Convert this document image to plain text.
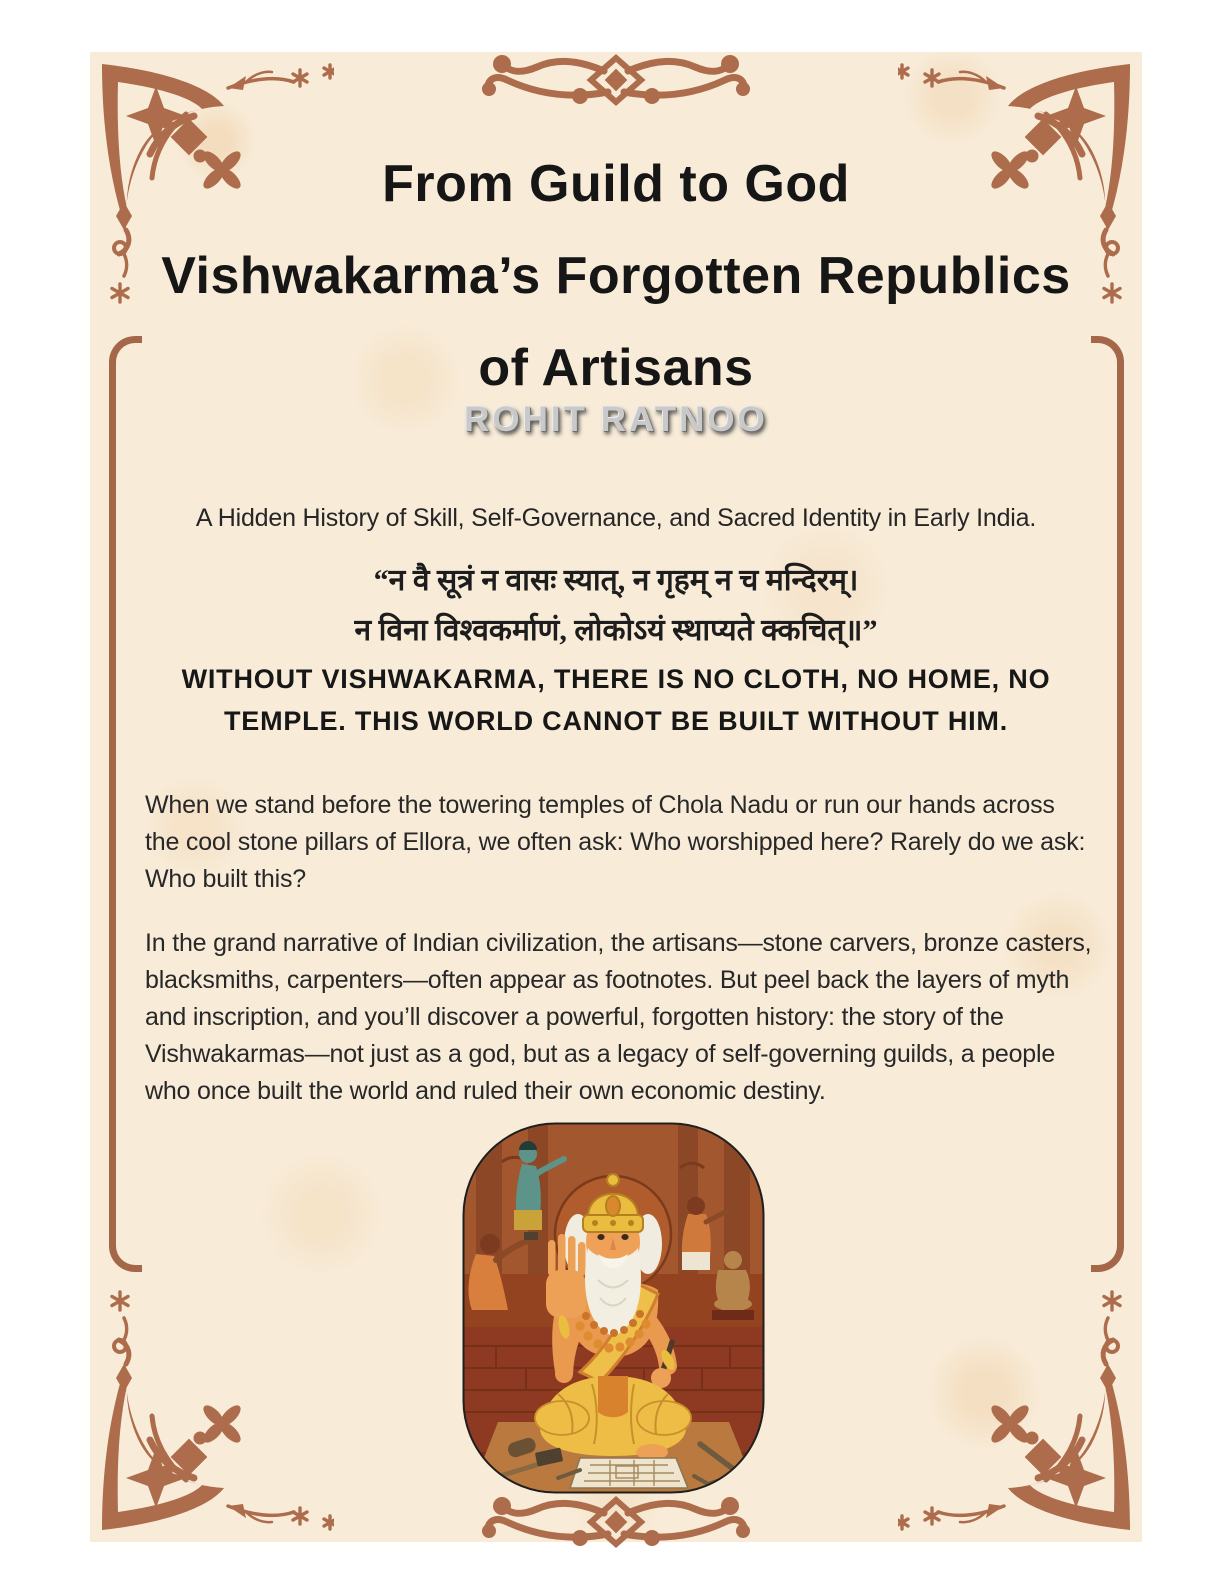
From Guild to God
Vishwakarma’s Forgotten Republics
of Artisans
ROHIT RATNOO
A Hidden History of Skill, Self-Governance, and Sacred Identity in Early India.
“न वै सूत्रं न वासः स्यात्, न गृहम् न च मन्दिरम्।
न विना विश्वकर्माणं, लोकोऽयं स्थाप्यते क्कचित्॥”
WITHOUT VISHWAKARMA, THERE IS NO CLOTH, NO HOME, NO
TEMPLE. THIS WORLD CANNOT BE BUILT WITHOUT HIM.

When we stand before the towering temples of Chola Nadu or run our hands across the cool stone pillars of Ellora, we often ask: Who worshipped here? Rarely do we ask: Who built this?

In the grand narrative of Indian civilization, the artisans—stone carvers, bronze casters, blacksmiths, carpenters—often appear as footnotes. But peel back the layers of myth and inscription, and you’ll discover a powerful, forgotten history: the story of the Vishwakarmas—not just as a god, but as a legacy of self-governing guilds, a people who once built the world and ruled their own economic destiny.
